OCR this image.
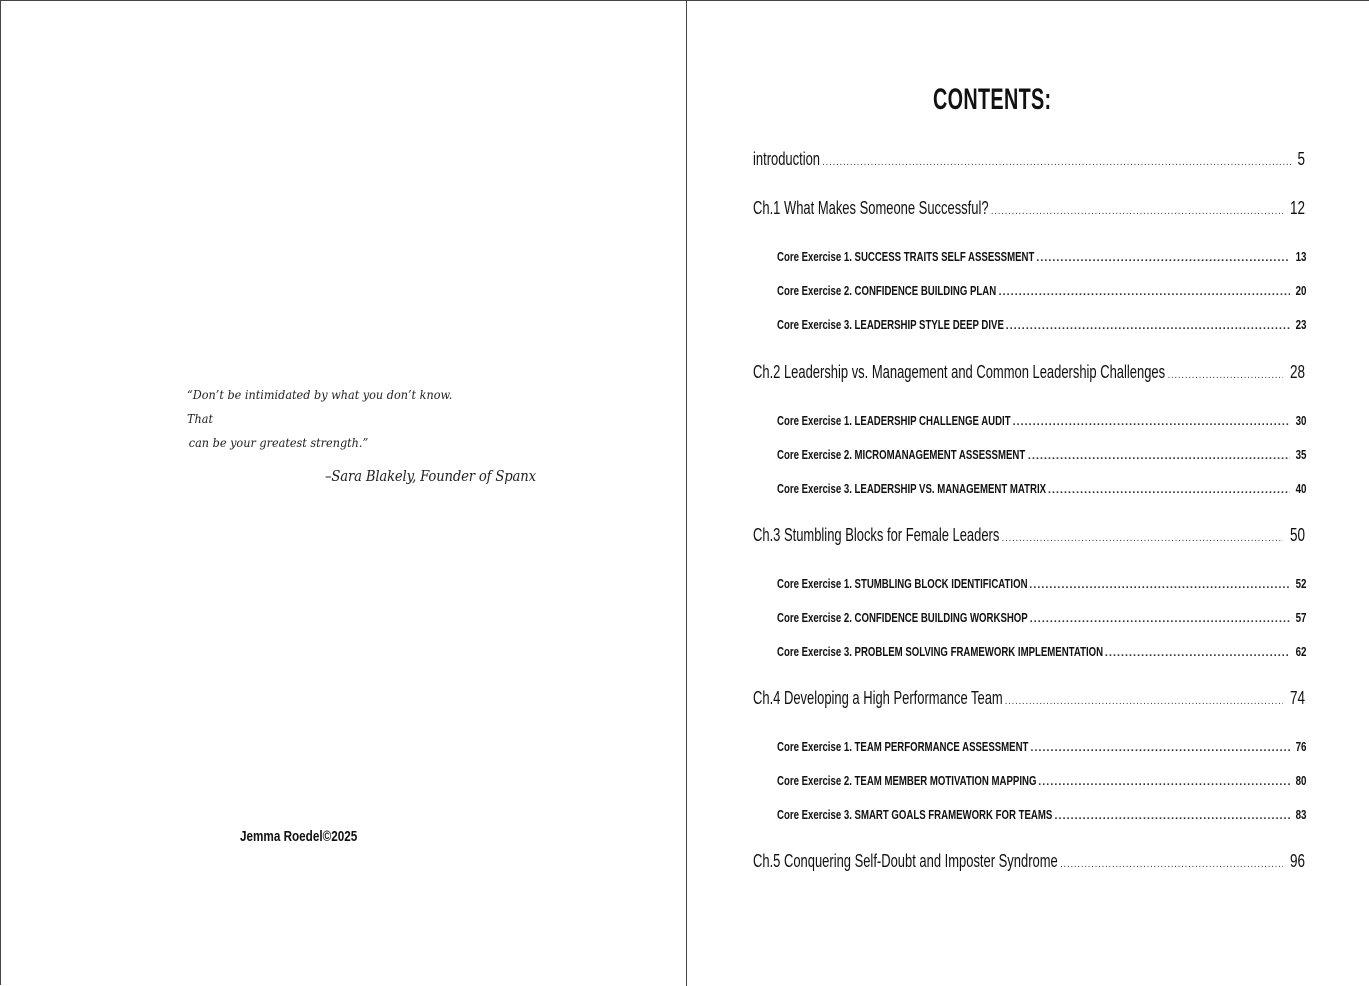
“Don’t be intimidated by what you don’t know. That
can be your greatest strength.”
–Sara Blakely, Founder of Spanx
Jemma Roedel©2025
CONTENTS:
introduction .....	5
Ch.1 What Makes Someone Successful? .....	12
Core Exercise 1. SUCCESS TRAITS SELF ASSESSMENT .....	13
Core Exercise 2. CONFIDENCE BUILDING PLAN .....	20
Core Exercise 3. LEADERSHIP STYLE DEEP DIVE .....	23
Ch.2 Leadership vs. Management and Common Leadership Challenges .....	28
Core Exercise 1. LEADERSHIP CHALLENGE AUDIT .....	30
Core Exercise 2. MICROMANAGEMENT ASSESSMENT .....	35
Core Exercise 3. LEADERSHIP VS. MANAGEMENT MATRIX .....	40
Ch.3 Stumbling Blocks for Female Leaders .....	50
Core Exercise 1. STUMBLING BLOCK IDENTIFICATION .....	52
Core Exercise 2. CONFIDENCE BUILDING WORKSHOP .....	57
Core Exercise 3. PROBLEM SOLVING FRAMEWORK IMPLEMENTATION .....	62
Ch.4 Developing a High Performance Team .....	74
Core Exercise 1. TEAM PERFORMANCE ASSESSMENT .....	76
Core Exercise 2. TEAM MEMBER MOTIVATION MAPPING .....	80
Core Exercise 3. SMART GOALS FRAMEWORK FOR TEAMS .....	83
Ch.5 Conquering Self-Doubt and Imposter Syndrome .....	96
